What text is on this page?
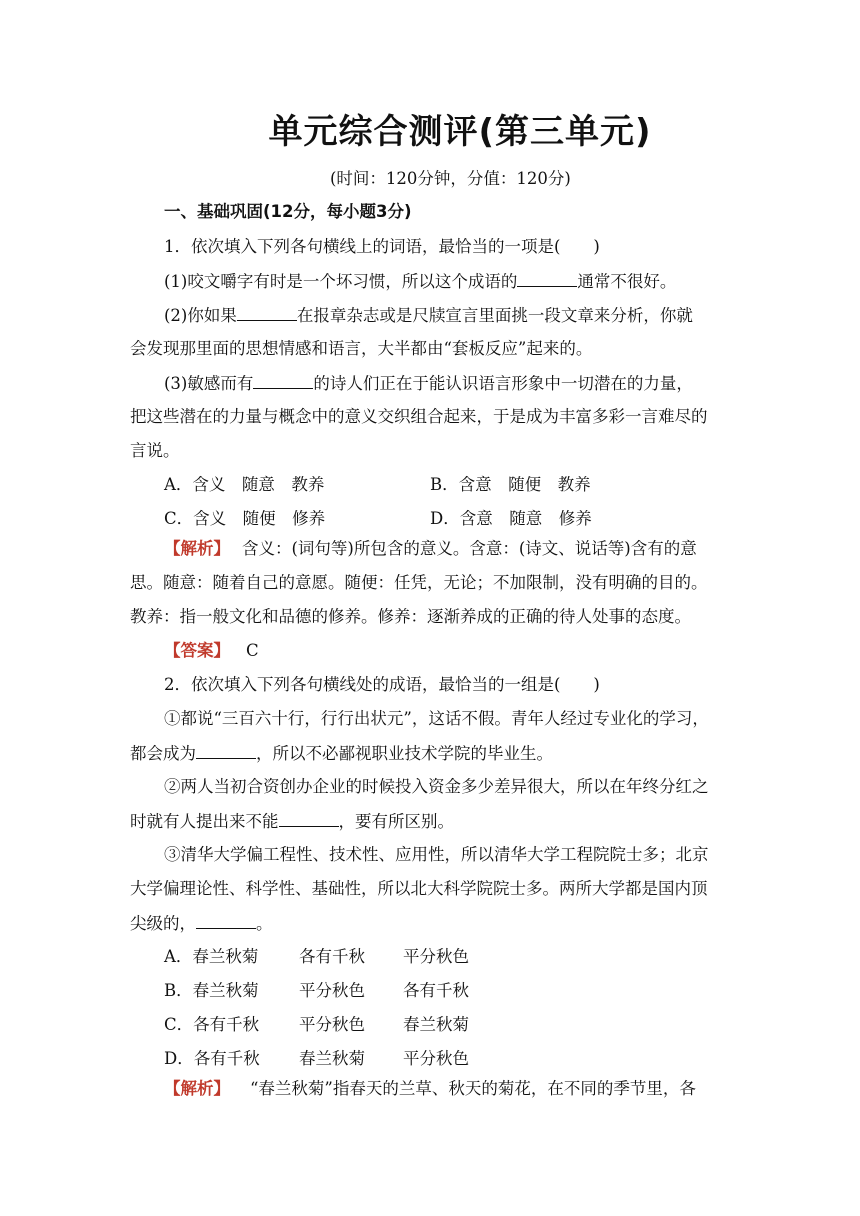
单元综合测评(第三单元)
(时间：120分钟，分值：120分)
一、基础巩固(12分，每小题3分)
1．依次填入下列各句横线上的词语，最恰当的一项是(　　)
(1)咬文嚼字有时是一个坏习惯，所以这个成语的	通常不很好。
(2)你如果	在报章杂志或是尺牍宣言里面挑一段文章来分析，你就
会发现那里面的思想情感和语言，大半都由“套板反应”起来的。
(3)敏感而有	的诗人们正在于能认识语言形象中一切潜在的力量，
把这些潜在的力量与概念中的意义交织组合起来，于是成为丰富多彩一言难尽的
言说。
A．含义　随意　教养	B．含意　随便　教养
C．含义　随便　修养	D．含意　随意　修养
【解析】 含义：(词句等)所包含的意义。含意：(诗文、说话等)含有的意
思。随意：随着自己的意愿。随便：任凭，无论；不加限制，没有明确的目的。
教养：指一般文化和品德的修养。修养：逐渐养成的正确的待人处事的态度。
【答案】 C
2．依次填入下列各句横线处的成语，最恰当的一组是(　　)
①都说“三百六十行，行行出状元”，这话不假。青年人经过专业化的学习，
都会成为	，所以不必鄙视职业技术学院的毕业生。
②两人当初合资创办企业的时候投入资金多少差异很大，所以在年终分红之
时就有人提出来不能	，要有所区别。
③清华大学偏工程性、技术性、应用性，所以清华大学工程院院士多；北京
大学偏理论性、科学性、基础性，所以北大科学院院士多。两所大学都是国内顶
尖级的，	。
A．春兰秋菊 各有千秋 平分秋色
B．春兰秋菊 平分秋色 各有千秋
C．各有千秋 平分秋色 春兰秋菊
D．各有千秋 春兰秋菊 平分秋色
【解析】 “春兰秋菊”指春天的兰草、秋天的菊花，在不同的季节里，各
